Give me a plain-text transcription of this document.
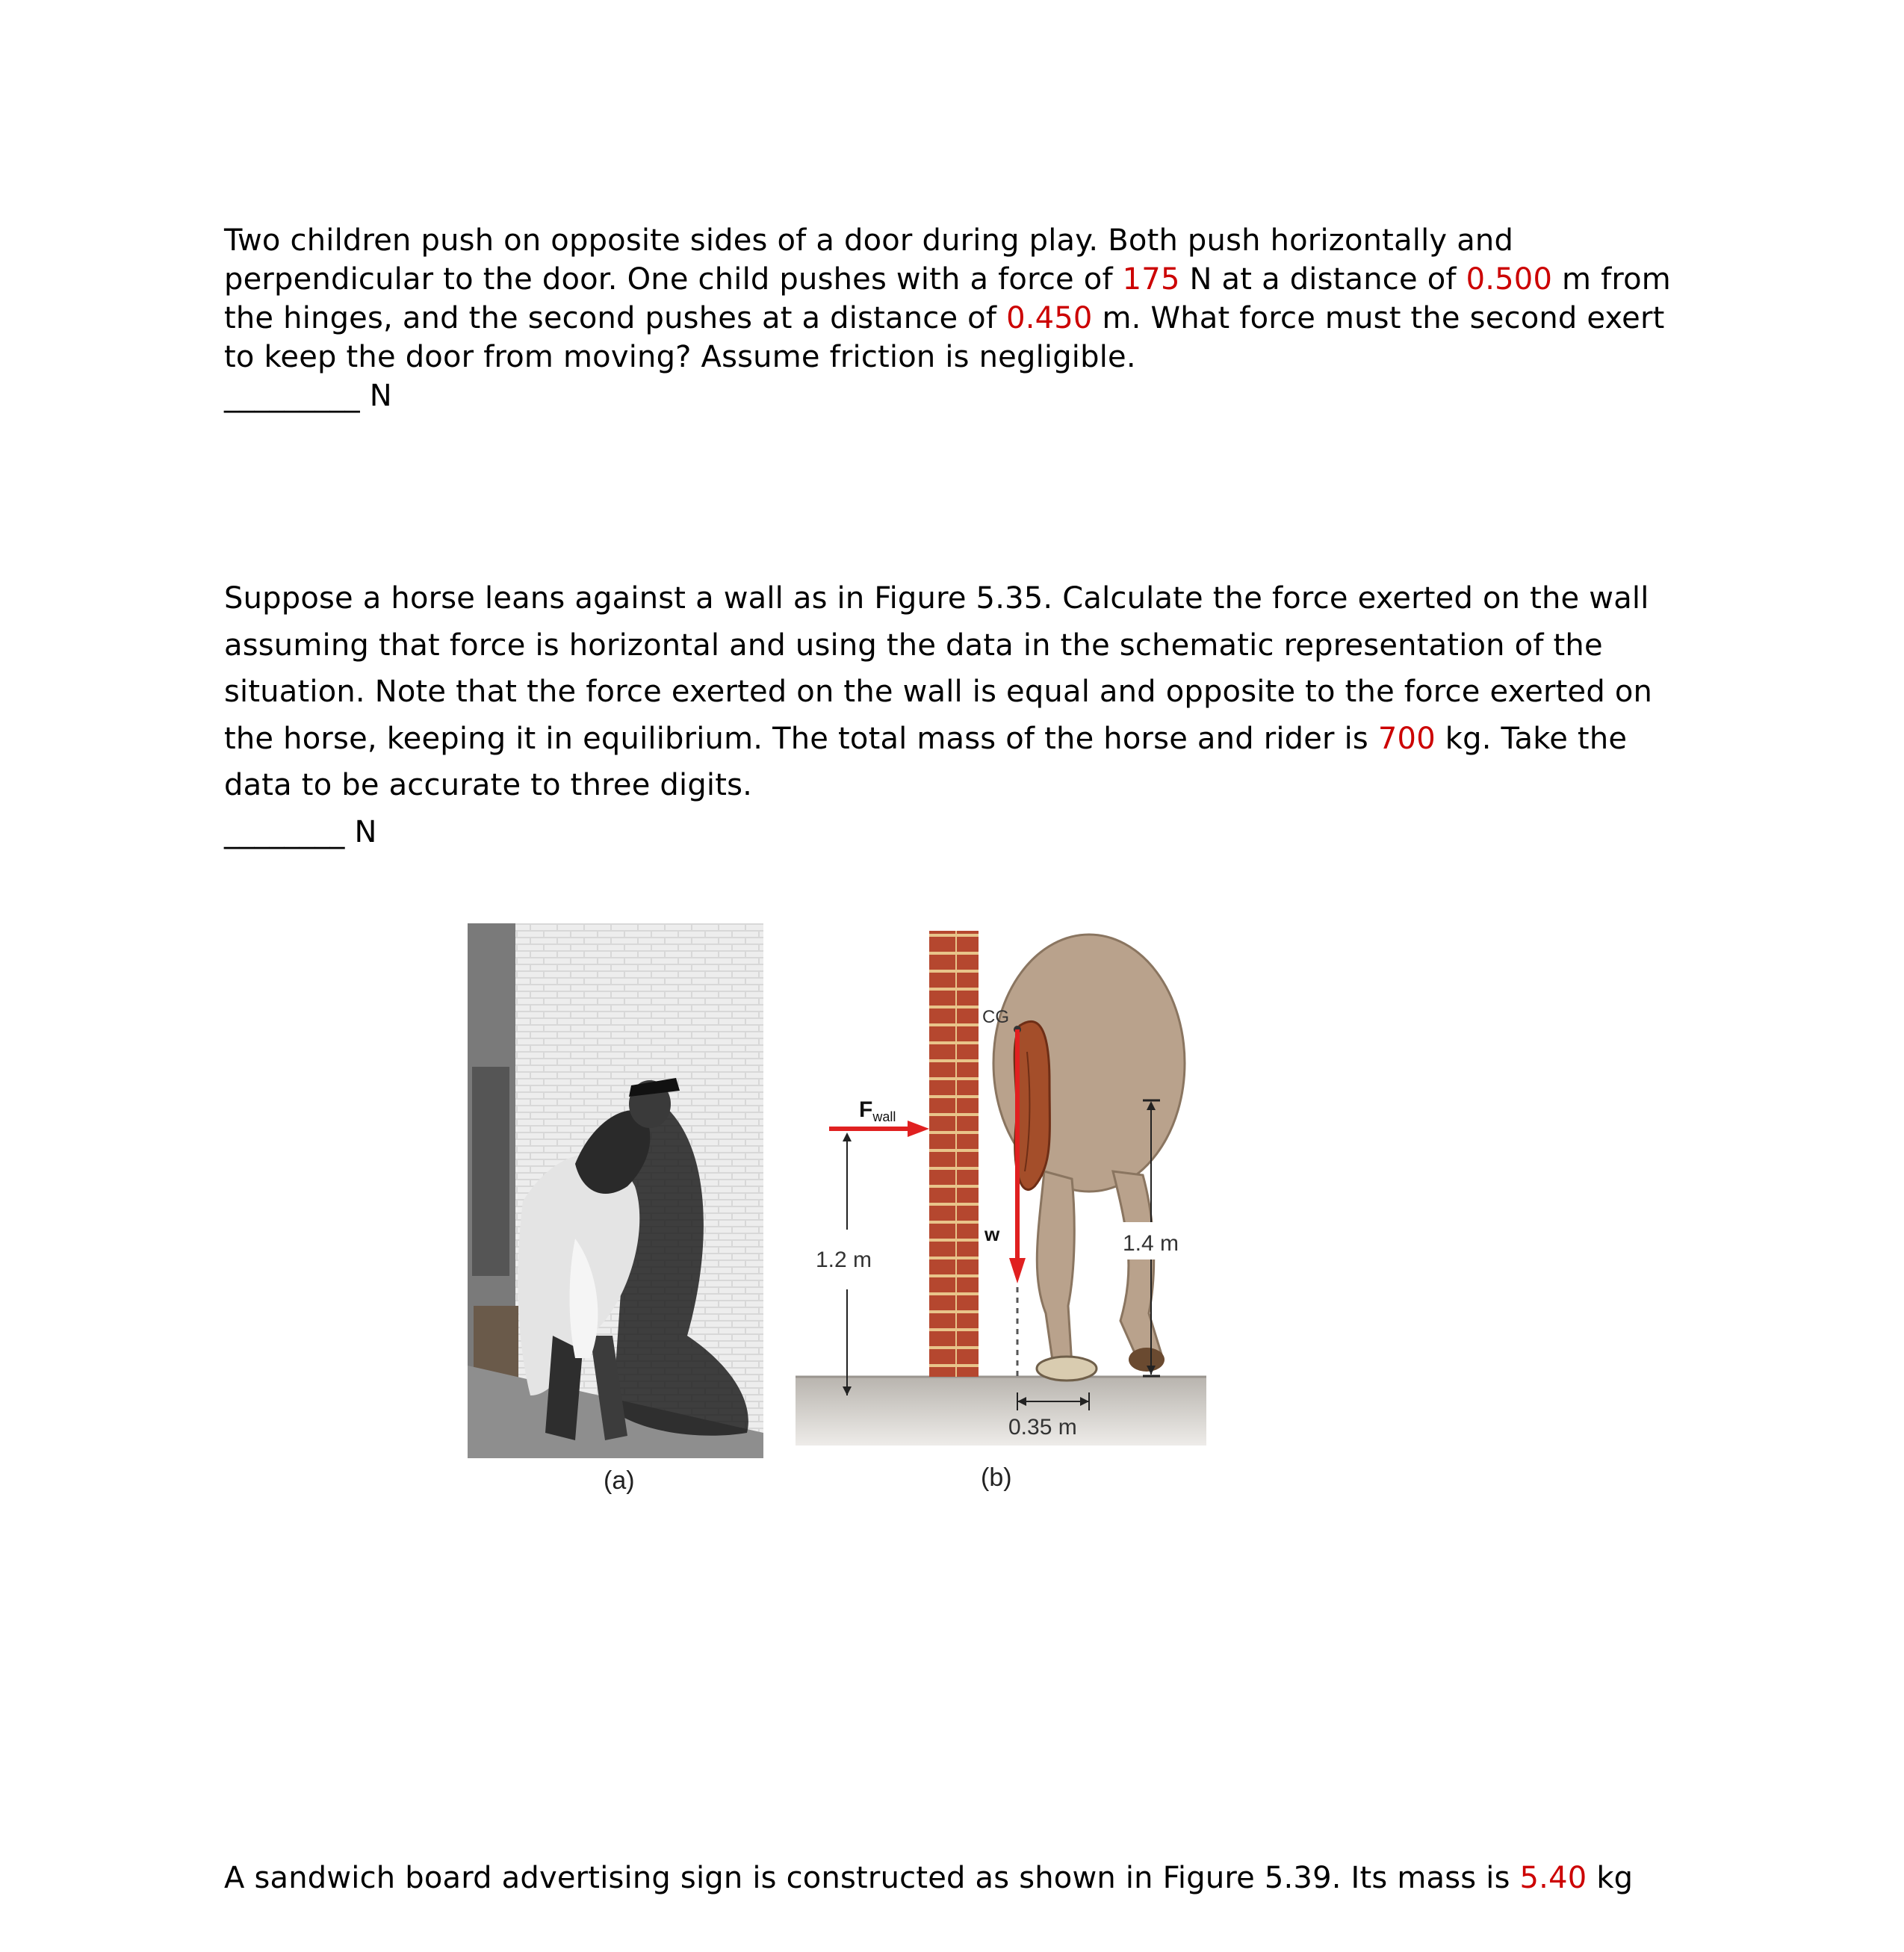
Two children push on opposite sides of a door during play. Both push horizontally and perpendicular to the door. One child pushes with a force of 175 N at a distance of 0.500 m from the hinges, and the second pushes at a distance of 0.450 m. What force must the second exert to keep the door from moving? Assume friction is negligible.
_________ N
Suppose a horse leans against a wall as in Figure 5.35. Calculate the force exerted on the wall assuming that force is horizontal and using the data in the schematic representation of the situation. Note that the force exerted on the wall is equal and opposite to the force exerted on the horse, keeping it in equilibrium. The total mass of the horse and rider is 700 kg. Take the data to be accurate to three digits.
________ N
(a)
CG
$F_{wall}$
1.2 m
w	1.4 m
0.35 m
(b)
A sandwich board advertising sign is constructed as shown in Figure 5.39. Its mass is 5.40 kg
